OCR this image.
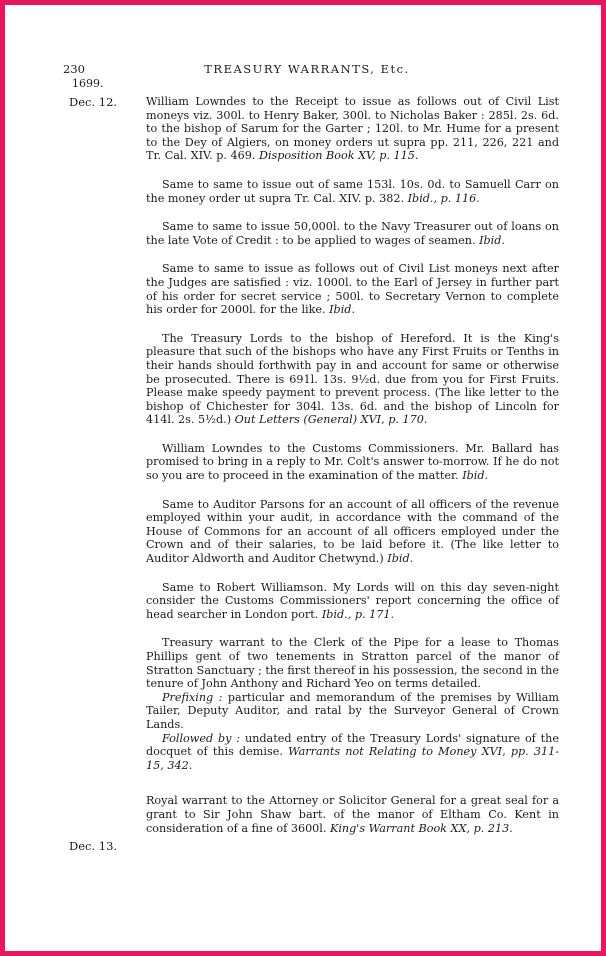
230	TREASURY WARRANTS, Etc.
1699.
Dec. 12.
Dec. 13.

William Lowndes to the Receipt to issue as follows out of Civil List moneys viz. 300l. to Henry Baker, 300l. to Nicholas Baker : 285l. 2s. 6d. to the bishop of Sarum for the Garter ; 120l. to Mr. Hume for a present to the Dey of Algiers, on money orders ut supra pp. 211, 226, 221 and Tr. Cal. XIV. p. 469. Disposition Book XV, p. 115.

Same to same to issue out of same 153l. 10s. 0d. to Samuell Carr on the money order ut supra Tr. Cal. XIV. p. 382. Ibid., p. 116.

Same to same to issue 50,000l. to the Navy Treasurer out of loans on the late Vote of Credit : to be applied to wages of seamen. Ibid.

Same to same to issue as follows out of Civil List moneys next after the Judges are satisfied : viz. 1000l. to the Earl of Jersey in further part of his order for secret service ; 500l. to Secretary Vernon to complete his order for 2000l. for the like. Ibid.

The Treasury Lords to the bishop of Hereford. It is the King's pleasure that such of the bishops who have any First Fruits or Tenths in their hands should forthwith pay in and account for same or otherwise be prosecuted. There is 691l. 13s. 9½d. due from you for First Fruits. Please make speedy payment to prevent process. (The like letter to the bishop of Chichester for 304l. 13s. 6d. and the bishop of Lincoln for 414l. 2s. 5½d.) Out Letters (General) XVI, p. 170.

William Lowndes to the Customs Commissioners. Mr. Ballard has promised to bring in a reply to Mr. Colt's answer to-morrow. If he do not so you are to proceed in the examination of the matter. Ibid.

Same to Auditor Parsons for an account of all officers of the revenue employed within your audit, in accordance with the command of the House of Commons for an account of all officers employed under the Crown and of their salaries, to be laid before it. (The like letter to Auditor Aldworth and Auditor Chetwynd.) Ibid.

Same to Robert Williamson. My Lords will on this day seven-night consider the Customs Commissioners' report concerning the office of head searcher in London port. Ibid., p. 171.

Treasury warrant to the Clerk of the Pipe for a lease to Thomas Phillips gent of two tenements in Stratton parcel of the manor of Stratton Sanctuary ; the first thereof in his possession, the second in the tenure of John Anthony and Richard Yeo on terms detailed.

Prefixing : particular and memorandum of the premises by William Tailer, Deputy Auditor, and ratal by the Surveyor General of Crown Lands.

Followed by : undated entry of the Treasury Lords' signature of the docquet of this demise. Warrants not Relating to Money XVI, pp. 311-15, 342.

Royal warrant to the Attorney or Solicitor General for a great seal for a grant to Sir John Shaw bart. of the manor of Eltham Co. Kent in consideration of a fine of 3600l. King's Warrant Book XX, p. 213.
